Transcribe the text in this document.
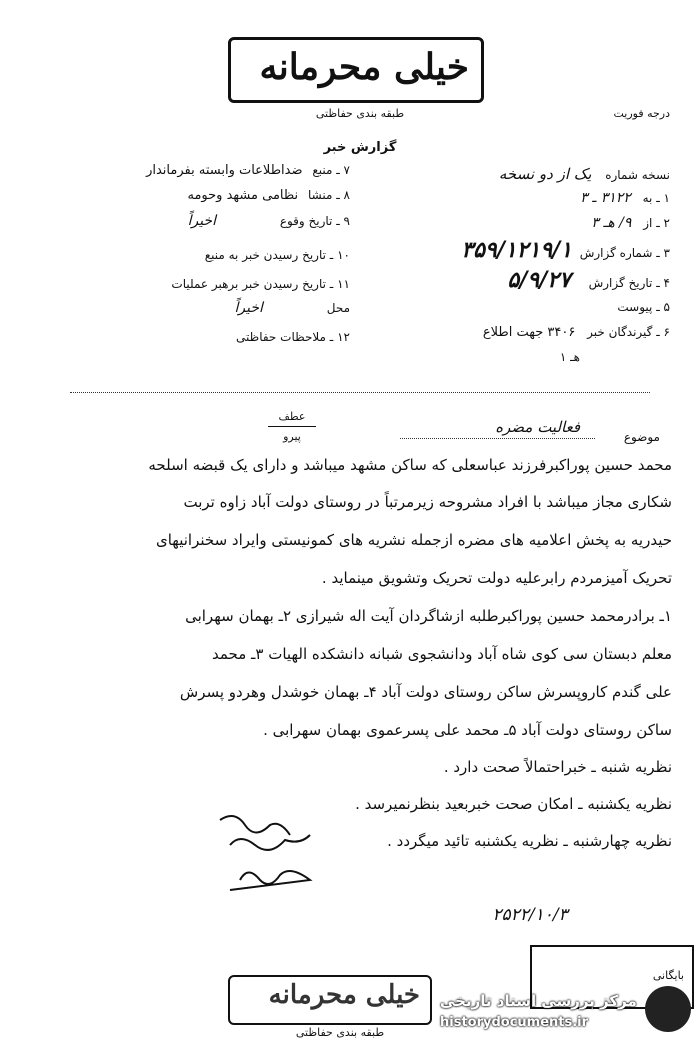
خیلی محرمانه
طبقه بندی حفاظتی	درجه فوریت
گزارش خبر
نسخه شماره یک از دو نسخه
۱ ـ به ۳۱۲۲ ـ ۳
۲ ـ از ۹/ هـ ۳
۳ ـ شماره گزارش ۳۵۹/۱۲۱۹/۱
۴ ـ تاریخ گزارش ۵/۹/۲۷
۵ ـ پیوست
۶ ـ گیرندگان خبر ۳۴۰۶ جهت اطلاع
هـ ۱
۷ ـ منبع ضداطلاعات وابسته بفرماندار
۸ ـ منشا نظامی مشهد وحومه
۹ ـ تاریخ وقوع اخیراً
۱۰ ـ تاریخ رسیدن خبر به منبع
۱۱ ـ تاریخ رسیدن خبر برهبر عملیات
محل اخیراً
۱۲ ـ ملاحظات حفاظتی
موضوع
فعالیت مضره
عطف
پیرو
محمد حسین پوراکبرفرزند عباسعلی که ساکن مشهد میباشد و دارای یک قبضه اسلحه
شکاری مجاز میباشد با افراد مشروحه زیرمرتباً در روستای دولت آباد زاوه تربت
حیدریه به پخش اعلامیه های مضره ازجمله نشریه های کمونیستی وایراد سخنرانیهای
تحریک آمیزمردم رابرعلیه دولت تحریک وتشویق مینماید .
۱ـ برادرمحمد حسین پوراکبرطلبه ازشاگردان آیت اله شیرازی ۲ـ بهمان سهرابی
معلم دبستان سی کوی شاه آباد ودانشجوی شبانه دانشکده الهیات ۳ـ محمد
علی گندم کاروپسرش ساکن روستای دولت آباد ۴ـ بهمان خوشدل وهردو پسرش
ساکن روستای دولت آباد ۵ـ محمد علی پسرعموی بهمان سهرابی .
نظریه شنبه ـ خبراحتمالاً صحت دارد .
نظریه یکشنبه ـ امکان صحت خبربعید بنظرنمیرسد .
نظریه چهارشنبه ـ نظریه یکشنبه تائید میگردد .
۲۵۲۲/۱۰/۳
خیلی محرمانه
طبقه بندی حفاظتی
بایگانی
مرکز بررسی اسناد تاریخی
historydocuments.ir
